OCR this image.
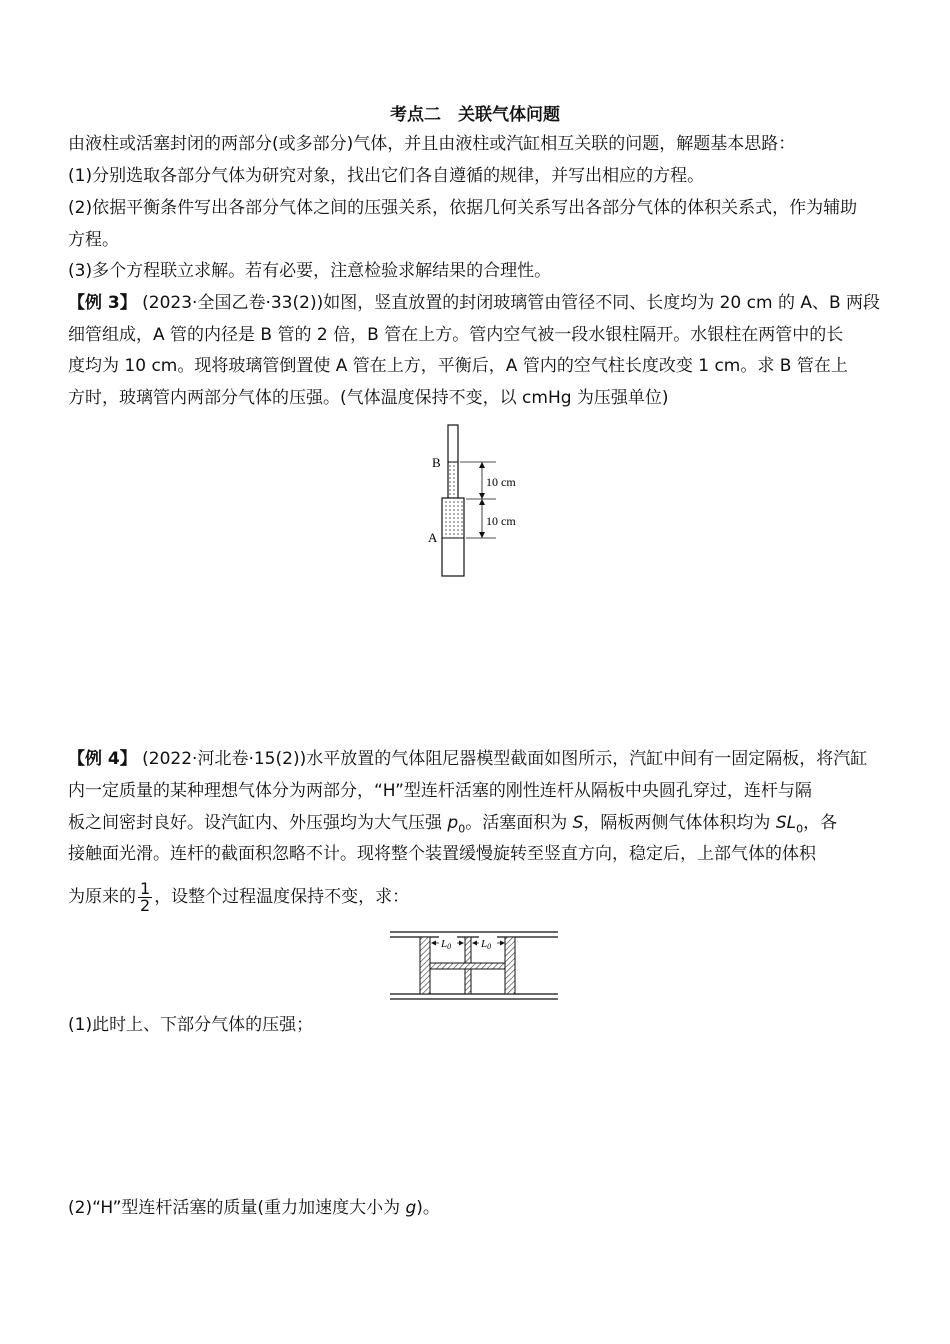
考点二　关联气体问题
由液柱或活塞封闭的两部分(或多部分)气体，并且由液柱或汽缸相互关联的问题，解题基本思路：
(1)分别选取各部分气体为研究对象，找出它们各自遵循的规律，并写出相应的方程。
(2)依据平衡条件写出各部分气体之间的压强关系，依据几何关系写出各部分气体的体积关系式，作为辅助
方程。
(3)多个方程联立求解。若有必要，注意检验求解结果的合理性。
【例 3】 (2023·全国乙卷·33(2))如图，竖直放置的封闭玻璃管由管径不同、长度均为 20 cm 的 A、B 两段
细管组成，A 管的内径是 B 管的 2 倍，B 管在上方。管内空气被一段水银柱隔开。水银柱在两管中的长
度均为 10 cm。现将玻璃管倒置使 A 管在上方，平衡后，A 管内的空气柱长度改变 1 cm。求 B 管在上
方时，玻璃管内两部分气体的压强。(气体温度保持不变，以 cmHg 为压强单位)
B
A
10 cm
10 cm
【例 4】 (2022·河北卷·15(2))水平放置的气体阻尼器模型截面如图所示，汽缸中间有一固定隔板，将汽缸
内一定质量的某种理想气体分为两部分，“H”型连杆活塞的刚性连杆从隔板中央圆孔穿过，连杆与隔
板之间密封良好。设汽缸内、外压强均为大气压强 $p_0$。活塞面积为 S，隔板两侧气体体积均为 $SL_0$，各
接触面光滑。连杆的截面积忽略不计。现将整个装置缓慢旋转至竖直方向，稳定后，上部气体的体积
为原来的 $\frac{1}{2}$ ，设整个过程温度保持不变，求：
L0	L0
(1)此时上、下部分气体的压强；
(2)“H”型连杆活塞的质量(重力加速度大小为 g)。
